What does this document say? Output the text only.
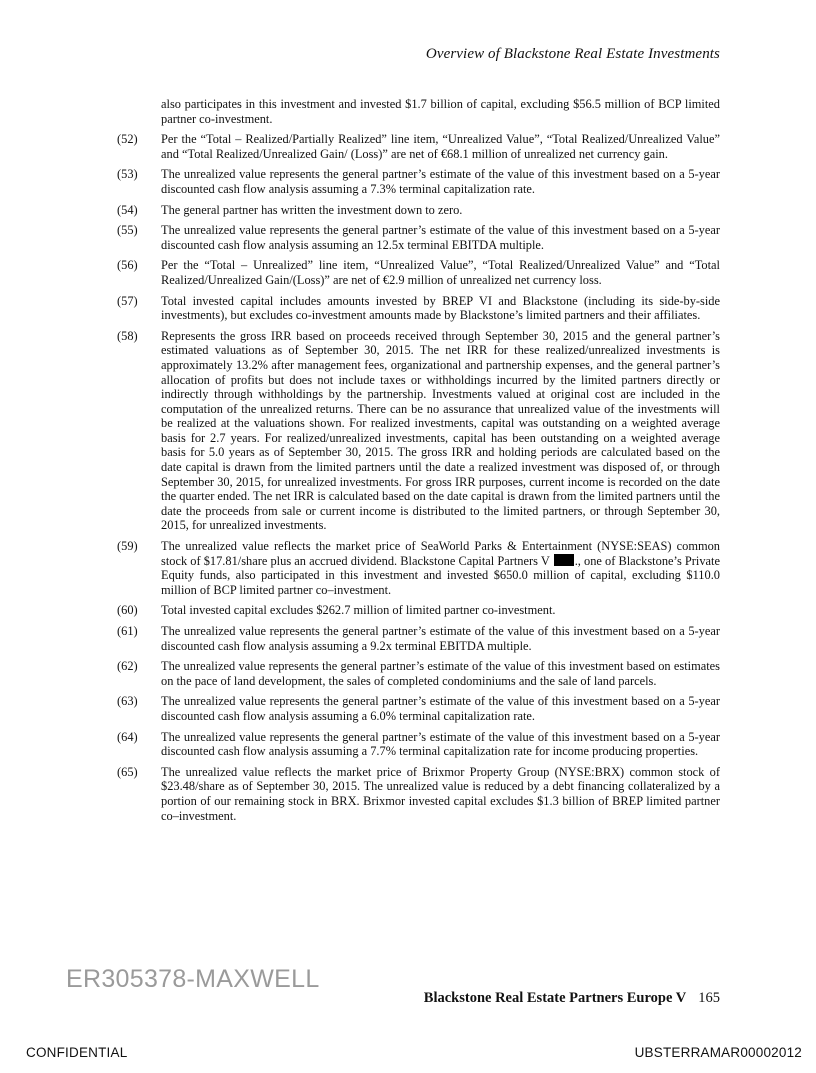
Overview of Blackstone Real Estate Investments
also participates in this investment and invested $1.7 billion of capital, excluding $56.5 million of BCP limited partner co-investment.
(52)	Per the “Total – Realized/Partially Realized” line item, “Unrealized Value”, “Total Realized/Unrealized Value” and “Total Realized/Unrealized Gain/ (Loss)” are net of €68.1 million of unrealized net currency gain.
(53)	The unrealized value represents the general partner’s estimate of the value of this investment based on a 5-year discounted cash flow analysis assuming a 7.3% terminal capitalization rate.
(54)	The general partner has written the investment down to zero.
(55)	The unrealized value represents the general partner’s estimate of the value of this investment based on a 5-year discounted cash flow analysis assuming an 12.5x terminal EBITDA multiple.
(56)	Per the “Total – Unrealized” line item, “Unrealized Value”, “Total Realized/Unrealized Value” and “Total Realized/Unrealized Gain/(Loss)” are net of €2.9 million of unrealized net currency loss.
(57)	Total invested capital includes amounts invested by BREP VI and Blackstone (including its side-by-side investments), but excludes co-investment amounts made by Blackstone’s limited partners and their affiliates.
(58)	Represents the gross IRR based on proceeds received through September 30, 2015 and the general partner’s estimated valuations as of September 30, 2015. The net IRR for these realized/unrealized investments is approximately 13.2% after management fees, organizational and partnership expenses, and the general partner’s allocation of profits but does not include taxes or withholdings incurred by the limited partners directly or indirectly through withholdings by the partnership. Investments valued at original cost are included in the computation of the unrealized returns. There can be no assurance that unrealized value of the investments will be realized at the valuations shown. For realized investments, capital was outstanding on a weighted average basis for 2.7 years. For realized/unrealized investments, capital has been outstanding on a weighted average basis for 5.0 years as of September 30, 2015. The gross IRR and holding periods are calculated based on the date capital is drawn from the limited partners until the date a realized investment was disposed of, or through September 30, 2015, for unrealized investments. For gross IRR purposes, current income is recorded on the date the quarter ended. The net IRR is calculated based on the date capital is drawn from the limited partners until the date the proceeds from sale or current income is distributed to the limited partners, or through September 30, 2015, for unrealized investments.
(59)	The unrealized value reflects the market price of SeaWorld Parks & Entertainment (NYSE:SEAS) common stock of $17.81/share plus an accrued dividend. Blackstone Capital Partners V ., one of Blackstone’s Private Equity funds, also participated in this investment and invested $650.0 million of capital, excluding $110.0 million of BCP limited partner co–investment.
(60)	Total invested capital excludes $262.7 million of limited partner co-investment.
(61)	The unrealized value represents the general partner’s estimate of the value of this investment based on a 5-year discounted cash flow analysis assuming a 9.2x terminal EBITDA multiple.
(62)	The unrealized value represents the general partner’s estimate of the value of this investment based on estimates on the pace of land development, the sales of completed condominiums and the sale of land parcels.
(63)	The unrealized value represents the general partner’s estimate of the value of this investment based on a 5-year discounted cash flow analysis assuming a 6.0% terminal capitalization rate.
(64)	The unrealized value represents the general partner’s estimate of the value of this investment based on a 5-year discounted cash flow analysis assuming a 7.7% terminal capitalization rate for income producing properties.
(65)	The unrealized value reflects the market price of Brixmor Property Group (NYSE:BRX) common stock of $23.48/share as of September 30, 2015. The unrealized value is reduced by a debt financing collateralized by a portion of our remaining stock in BRX. Brixmor invested capital excludes $1.3 billion of BREP limited partner co–investment.
ER305378-MAXWELL
Blackstone Real Estate Partners Europe V 165
CONFIDENTIAL	UBSTERRAMAR00002012
